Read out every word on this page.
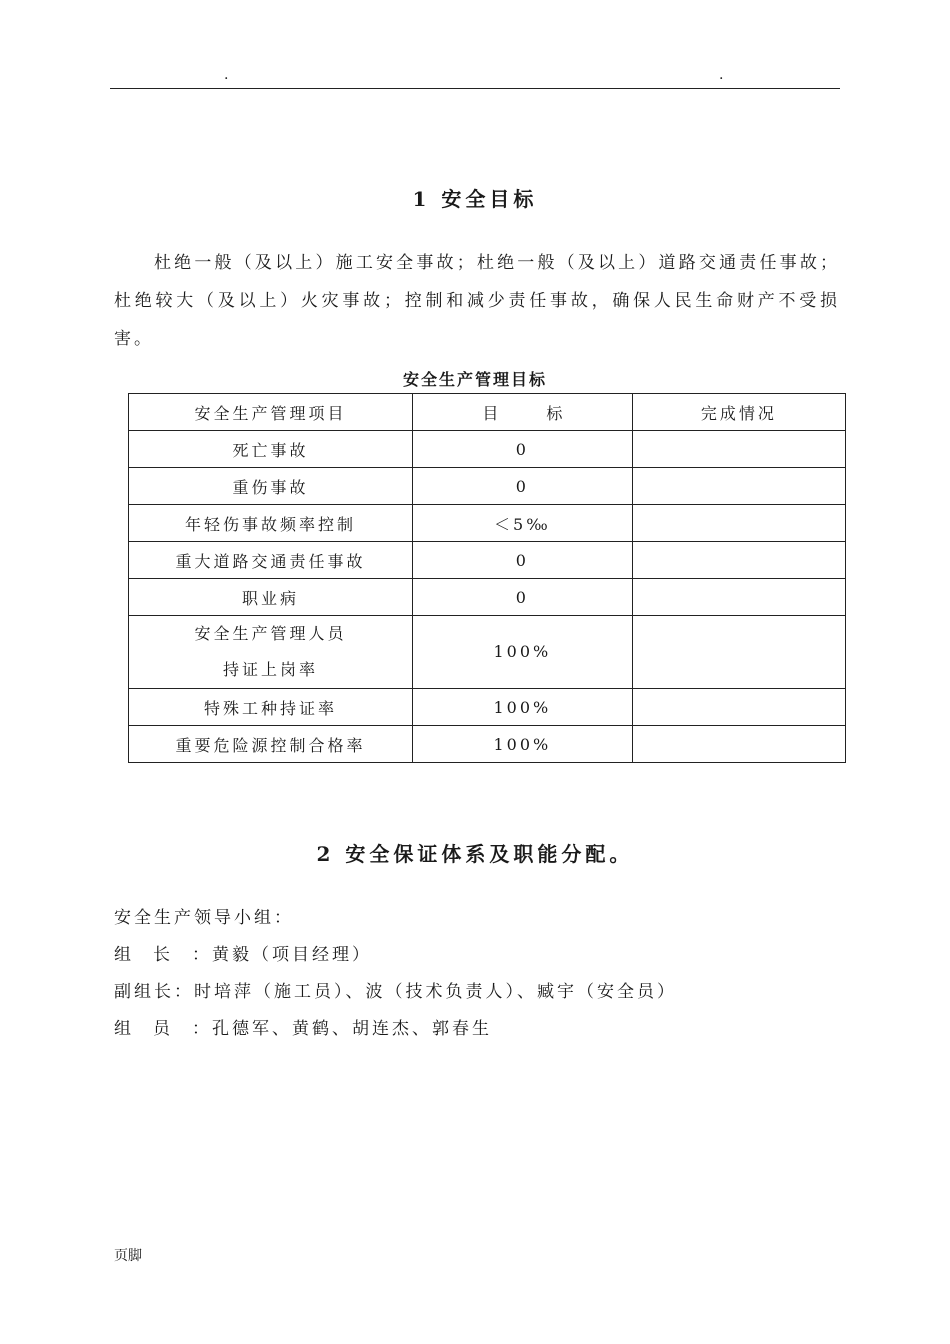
.	.
1 安全目标

杜绝一般（及以上）施工安全事故；杜绝一般（及以上）道路交通责任事故；杜绝较大（及以上）火灾事故；控制和减少责任事故，确保人民生命财产不受损害。

安全生产管理目标
安全生产管理项目	目标	完成情况
死亡事故	0	
重伤事故	0	
年轻伤事故频率控制	＜5‰	
重大道路交通责任事故	0	
职业病	0	

安全生产管理人员
持证上岗率	100%	
特殊工种持证率	100%	
重要危险源控制合格率	100%	
2 安全保证体系及职能分配。
安全生产领导小组：
组长：黄毅（项目经理）
副组长：时培萍（施工员）、波（技术负责人）、臧宇（安全员）
组员：孔德军、黄鹤、胡连杰、郭春生
页脚
